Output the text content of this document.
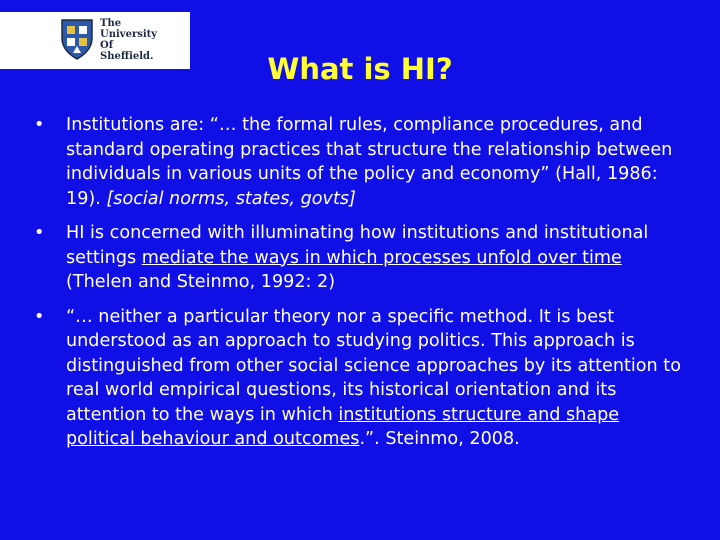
The
University
Of
Sheffield.	What is HI?
• Institutions are: “… the formal rules, compliance procedures, and standard operating practices that structure the relationship between individuals in various units of the policy and economy” (Hall, 1986: 19). [social norms, states, govts]
• HI is concerned with illuminating how institutions and institutional settings mediate the ways in which processes unfold over time (Thelen and Steinmo, 1992: 2)
• “… neither a particular theory nor a specific method. It is best understood as an approach to studying politics. This approach is distinguished from other social science approaches by its attention to real world empirical questions, its historical orientation and its attention to the ways in which institutions structure and shape political behaviour and outcomes.”. Steinmo, 2008.
